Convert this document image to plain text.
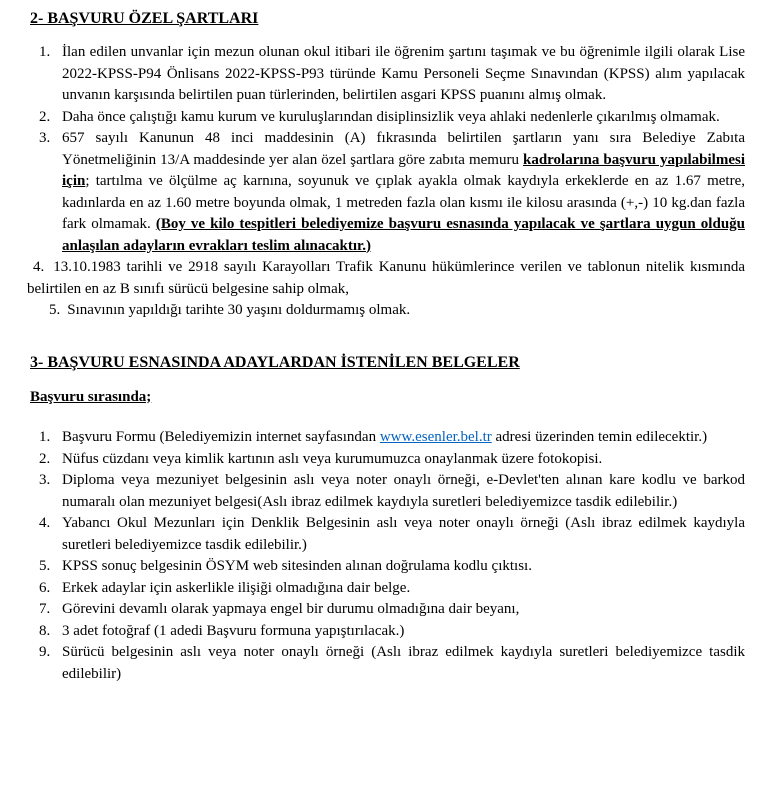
2- BAŞVURU ÖZEL ŞARTLARI
1. İlan edilen unvanlar için mezun olunan okul itibari ile öğrenim şartını taşımak ve bu öğrenimle ilgili olarak Lise 2022-KPSS-P94 Önlisans 2022-KPSS-P93 türünde Kamu Personeli Seçme Sınavından (KPSS) alım yapılacak unvanın karşısında belirtilen puan türlerinden, belirtilen asgari KPSS puanını almış olmak.
2. Daha önce çalıştığı kamu kurum ve kuruluşlarından disiplinsizlik veya ahlaki nedenlerle çıkarılmış olmamak.
3. 657 sayılı Kanunun 48 inci maddesinin (A) fıkrasında belirtilen şartların yanı sıra Belediye Zabıta Yönetmeliğinin 13/A maddesinde yer alan özel şartlara göre zabıta memuru kadrolarına başvuru yapılabilmesi için; tartılma ve ölçülme aç karnına, soyunuk ve çıplak ayakla olmak kaydıyla erkeklerde en az 1.67 metre, kadınlarda en az 1.60 metre boyunda olmak, 1 metreden fazla olan kısmı ile kilosu arasında (+,-) 10 kg.dan fazla fark olmamak. (Boy ve kilo tespitleri belediyemize başvuru esnasında yapılacak ve şartlara uygun olduğu anlaşılan adayların evrakları teslim alınacaktır.)

4. 13.10.1983 tarihli ve 2918 sayılı Karayolları Trafik Kanunu hükümlerince verilen ve tablonun nitelik kısmında belirtilen en az B sınıfı sürücü belgesine sahip olmak,

5. Sınavının yapıldığı tarihte 30 yaşını doldurmamış olmak.

3- BAŞVURU ESNASINDA ADAYLARDAN İSTENİLEN BELGELER

Başvuru sırasında;

1. Başvuru Formu (Belediyemizin internet sayfasından www.esenler.bel.tr adresi üzerinden temin edilecektir.)
2. Nüfus cüzdanı veya kimlik kartının aslı veya kurumumuzca onaylanmak üzere fotokopisi.
3. Diploma veya mezuniyet belgesinin aslı veya noter onaylı örneği, e-Devlet'ten alınan kare kodlu ve barkod numaralı olan mezuniyet belgesi(Aslı ibraz edilmek kaydıyla suretleri belediyemizce tasdik edilebilir.)
4. Yabancı Okul Mezunları için Denklik Belgesinin aslı veya noter onaylı örneği (Aslı ibraz edilmek kaydıyla suretleri belediyemizce tasdik edilebilir.)
5. KPSS sonuç belgesinin ÖSYM web sitesinden alınan doğrulama kodlu çıktısı.
6. Erkek adaylar için askerlikle ilişiği olmadığına dair belge.
7. Görevini devamlı olarak yapmaya engel bir durumu olmadığına dair beyanı,
8. 3 adet fotoğraf (1 adedi Başvuru formuna yapıştırılacak.)
9. Sürücü belgesinin aslı veya noter onaylı örneği (Aslı ibraz edilmek kaydıyla suretleri belediyemizce tasdik edilebilir)
